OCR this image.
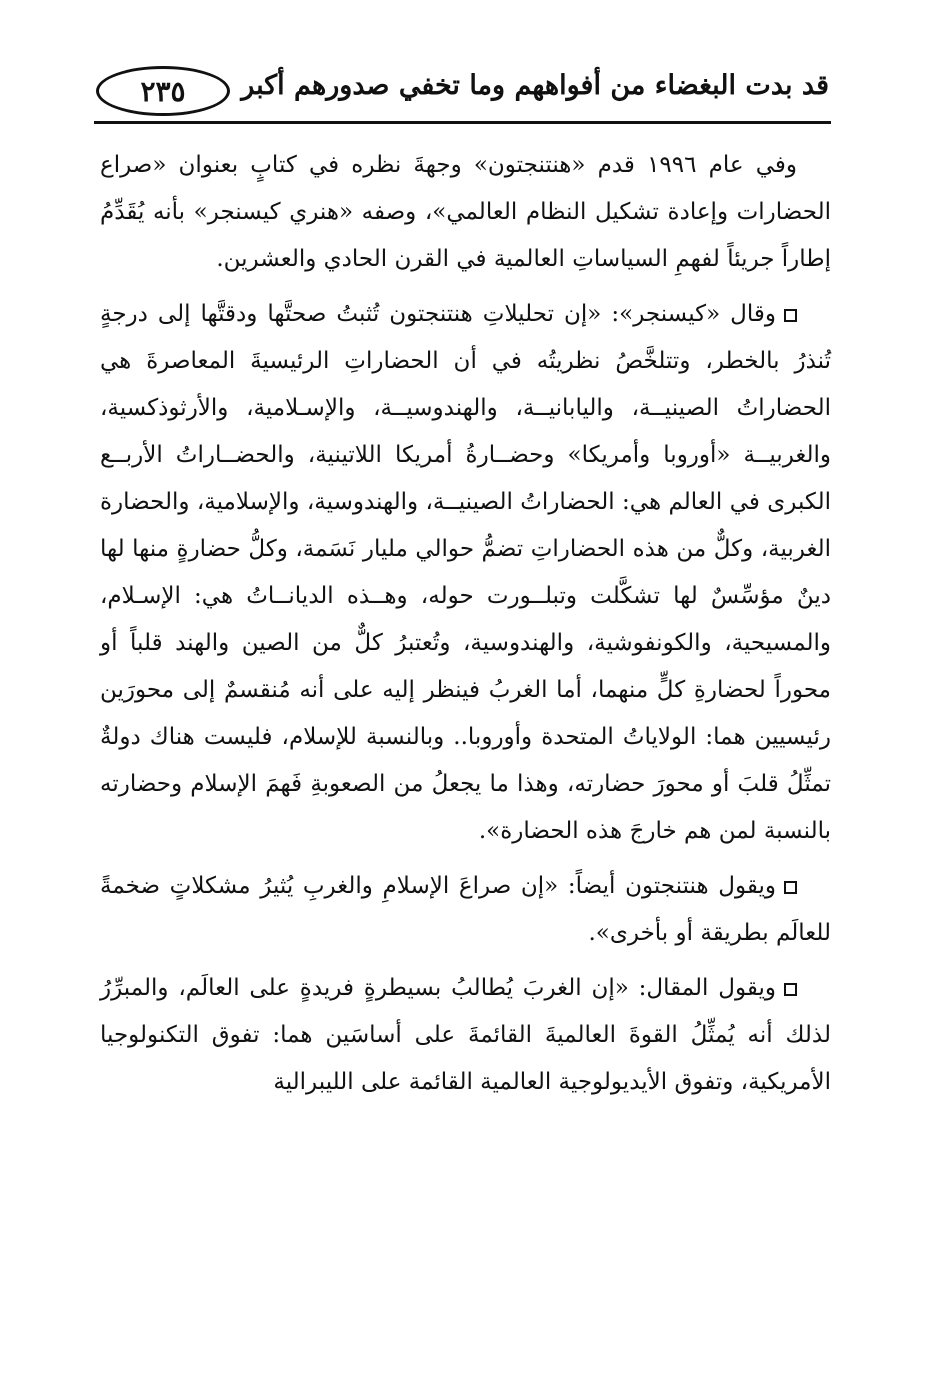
قد بدت البغضاء من أفواههم وما تخفي صدورهم أكبر
٢٣٥

وفي عام ١٩٩٦ قدم «هنتنجتون» وجهةَ نظره في كتابٍ بعنوان «صراع الحضارات وإعادة تشكيل النظام العالمي»، وصفه «هنري كيسنجر» بأنه يُقَدِّمُ إطاراً جريئاً لفهمِ السياساتِ العالمية في القرن الحادي والعشرين.

وقال «كيسنجر»: «إن تحليلاتِ هنتنجتون تُثبتُ صحتَّها ودقتَّها إلى درجةٍ تُنذرُ بالخطر، وتتلخَّصُ نظريتُه في أن الحضاراتِ الرئيسيةَ المعاصرةَ هي الحضاراتُ الصينيــة، واليابانيــة، والهندوسيــة، والإسـلامية، والأرثوذكسية، والغربيــة «أوروبا وأمريكا» وحضــارةُ أمريكا اللاتينية، والحضــاراتُ الأربــع الكبرى في العالم هي: الحضاراتُ الصينيــة، والهندوسية، والإسلامية، والحضارة الغربية، وكلٌّ من هذه الحضاراتِ تضمُّ حوالي مليار نَسَمة، وكلُّ حضارةٍ منها لها دينٌ مؤسِّسٌ لها تشكَّلت وتبلــورت حوله، وهــذه الديانــاتُ هي: الإسـلام، والمسيحية، والكونفوشية، والهندوسية، وتُعتبرُ كلٌّ من الصين والهند قلباً أو محوراً لحضارةِ كلٍّ منهما، أما الغربُ فينظر إليه على أنه مُنقسمٌ إلى محورَين رئيسيين هما: الولاياتُ المتحدة وأوروبا.. وبالنسبة للإسلام، فليست هناك دولةٌ تمثِّلُ قلبَ أو محورَ حضارته، وهذا ما يجعلُ من الصعوبةِ فَهمَ الإسلام وحضارته بالنسبة لمن هم خارجَ هذه الحضارة».

ويقول هنتنجتون أيضاً: «إن صراعَ الإسلامِ والغربِ يُثيرُ مشكلاتٍ ضخمةً للعالَم بطريقة أو بأخرى».

ويقول المقال: «إن الغربَ يُطالبُ بسيطرةٍ فريدةٍ على العالَم، والمبرِّرُ لذلك أنه يُمثِّلُ القوةَ العالميةَ القائمةَ على أساسَين هما: تفوق التكنولوجيا الأمريكية، وتفوق الأيديولوجية العالمية القائمة على الليبرالية
